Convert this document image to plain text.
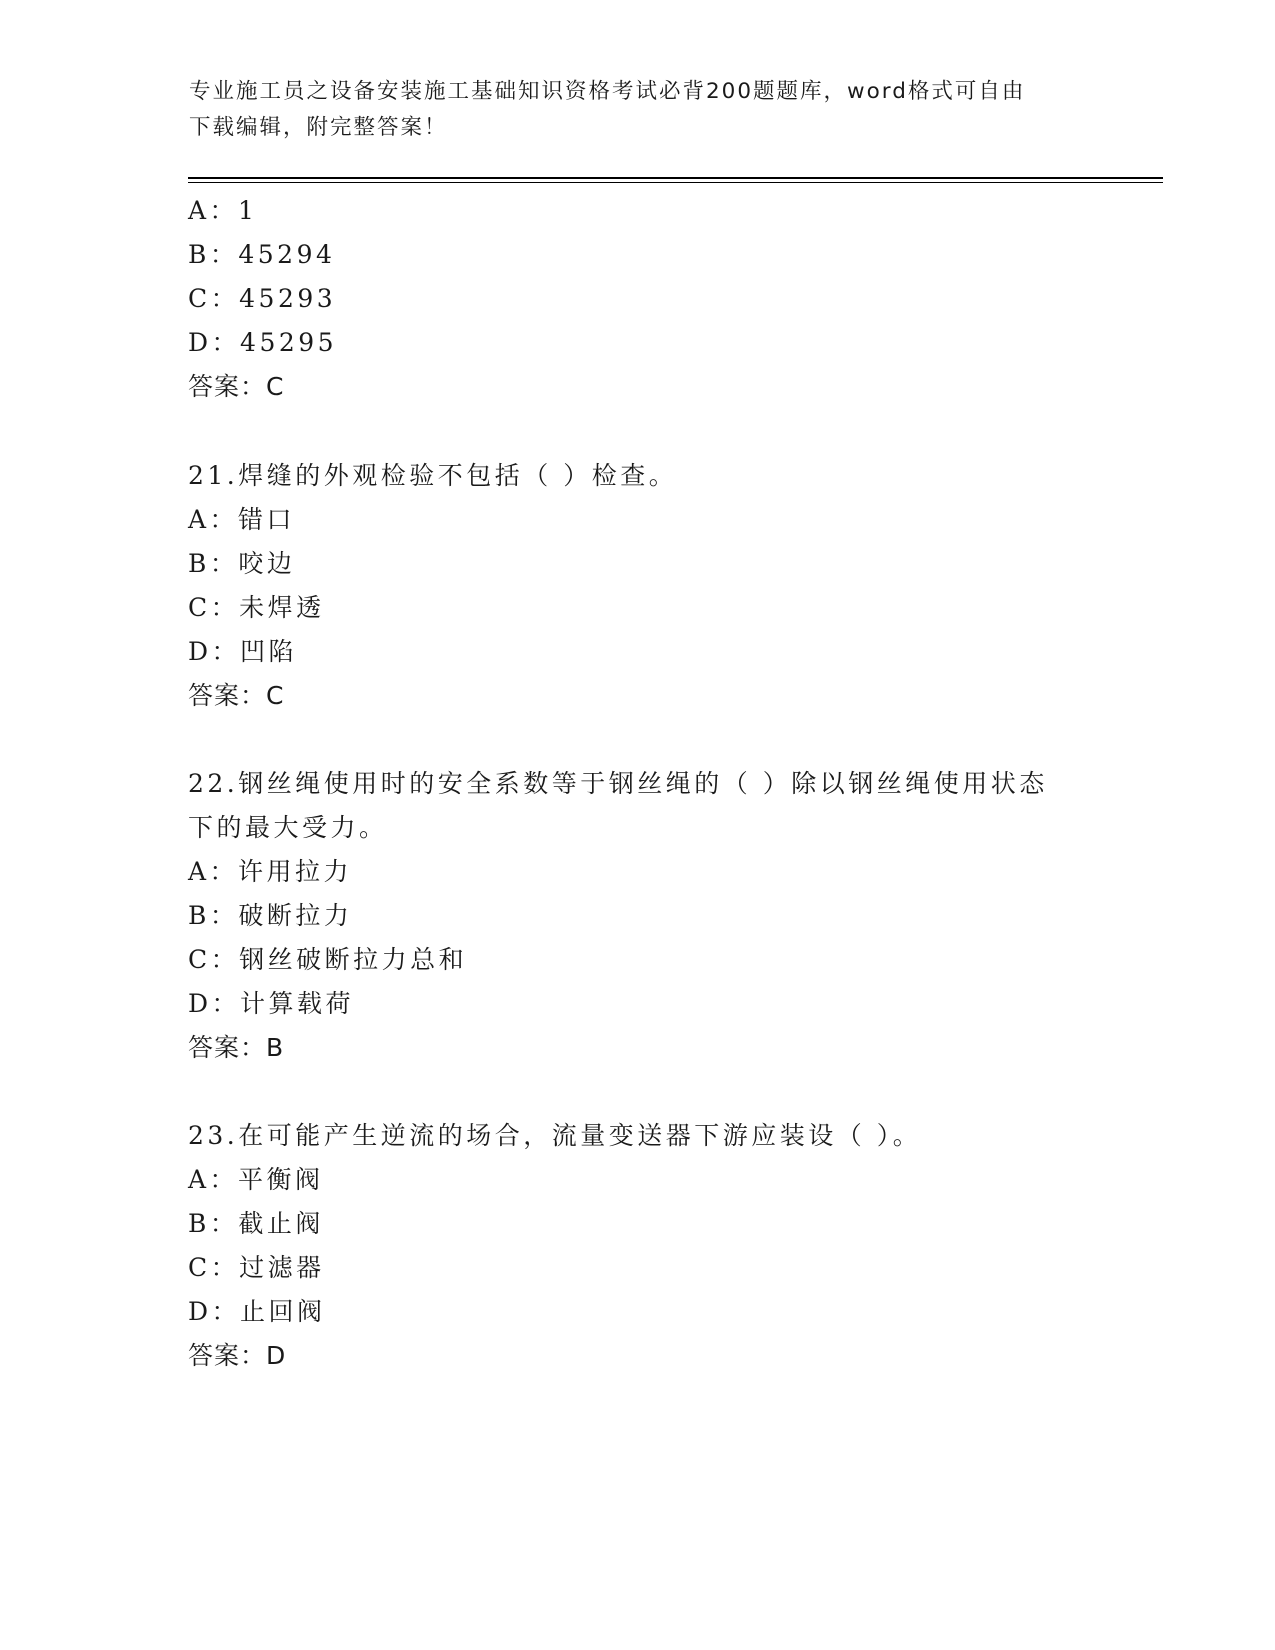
专业施工员之设备安装施工基础知识资格考试必背200题题库，word格式可自由
下载编辑，附完整答案！
A：1
B：45294
C：45293
D：45295
答案：C
21.焊缝的外观检验不包括（ ）检查。
A：错口
B：咬边
C：未焊透
D：凹陷
答案：C
22.钢丝绳使用时的安全系数等于钢丝绳的（ ）除以钢丝绳使用状态
下的最大受力。
A：许用拉力
B：破断拉力
C：钢丝破断拉力总和
D：计算载荷
答案：B
23.在可能产生逆流的场合，流量变送器下游应装设（ ）。
A：平衡阀
B：截止阀
C：过滤器
D：止回阀
答案：D
